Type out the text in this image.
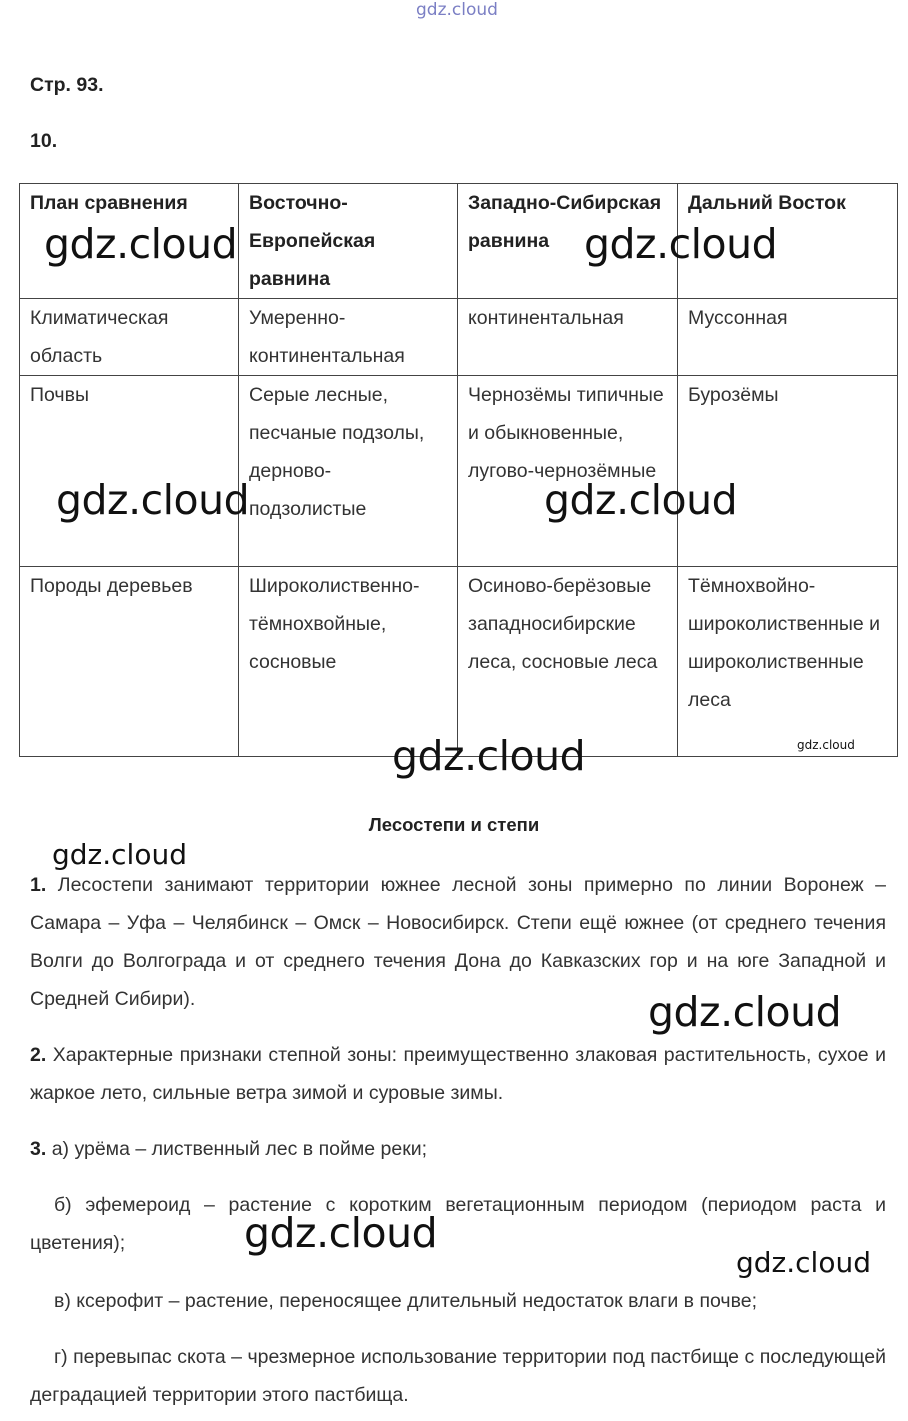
gdz.cloud
Стр. 93.
10.
План сравнения	Восточно-Европейская равнина	Западно-Сибирская равнина	Дальний Восток
Климатическая область	Умеренно-континентальная	континентальная	Муссонная
Почвы	Серые лесные, песчаные подзолы, дерново-подзолистые	Чернозёмы типичные и обыкновенные, лугово-чернозёмные	Бурозёмы
Породы деревьев	Широколиственно-тёмнохвойные, сосновые	Осиново-берёзовые западносибирские леса, сосновые леса	Тёмнохвойно-широколиственные и широколиственные леса
Лесостепи и степи
1. Лесостепи занимают территории южнее лесной зоны примерно по линии Воронеж – Самара – Уфа – Челябинск – Омск – Новосибирск. Степи ещё южнее (от среднего течения Волги до Волгограда и от среднего течения Дона до Кавказских гор и на юге Западной и Средней Сибири).
2. Характерные признаки степной зоны: преимущественно злаковая растительность, сухое и жаркое лето, сильные ветра зимой и суровые зимы.
3. а) урёма – лиственный лес в пойме реки;
б) эфемероид – растение с коротким вегетационным периодом (периодом раста и цветения);
в) ксерофит – растение, переносящее длительный недостаток влаги в почве;
г) перевыпас скота – чрезмерное использование территории под пастбище с последующей деградацией территории этого пастбища.
gdz.cloud	gdz.cloud
gdz.cloud	gdz.cloud
gdz.cloud
gdz.cloud
gdz.cloud
gdz.cloud
gdz.cloud
gdz.cloud
